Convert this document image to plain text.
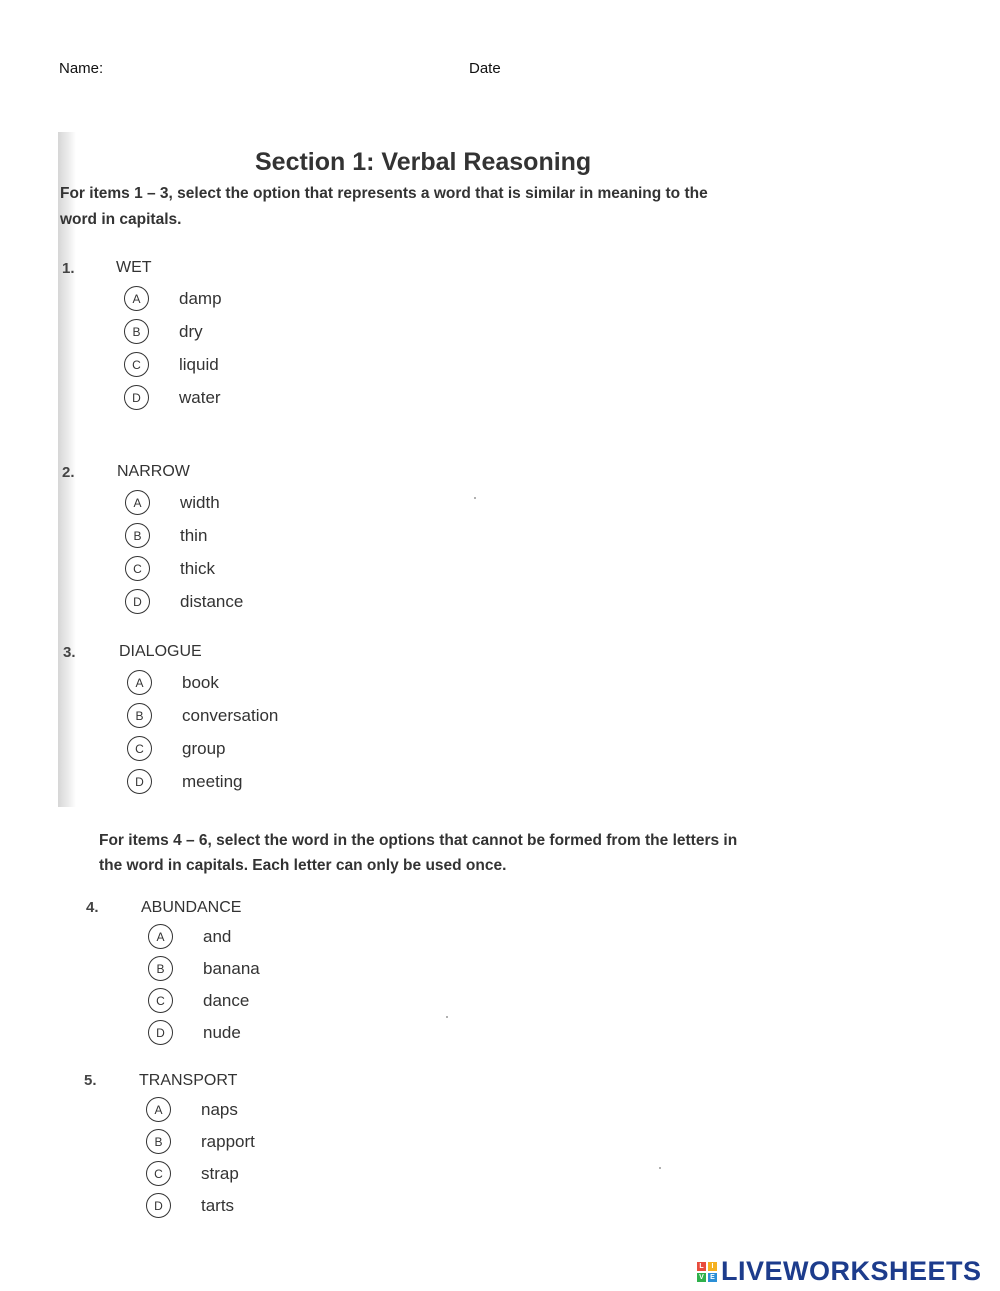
Name:	Date
Section 1: Verbal Reasoning
For items 1 – 3, select the option that represents a word that is similar in meaning to the
word in capitals.
1.	WET
A	damp
B	dry
C	liquid
D	water
2.	NARROW
A	width
B	thin
C	thick
D	distance
3.	DIALOGUE
A	book
B	conversation
C	group
D	meeting
For items 4 – 6, select the word in the options that cannot be formed from the letters in
the word in capitals. Each letter can only be used once.
4.	ABUNDANCE
A	and
B	banana
C	dance
D	nude
5.	TRANSPORT
A	naps
B	rapport
C	strap
D	tarts
L	I
V E LIVEWORKSHEETS
